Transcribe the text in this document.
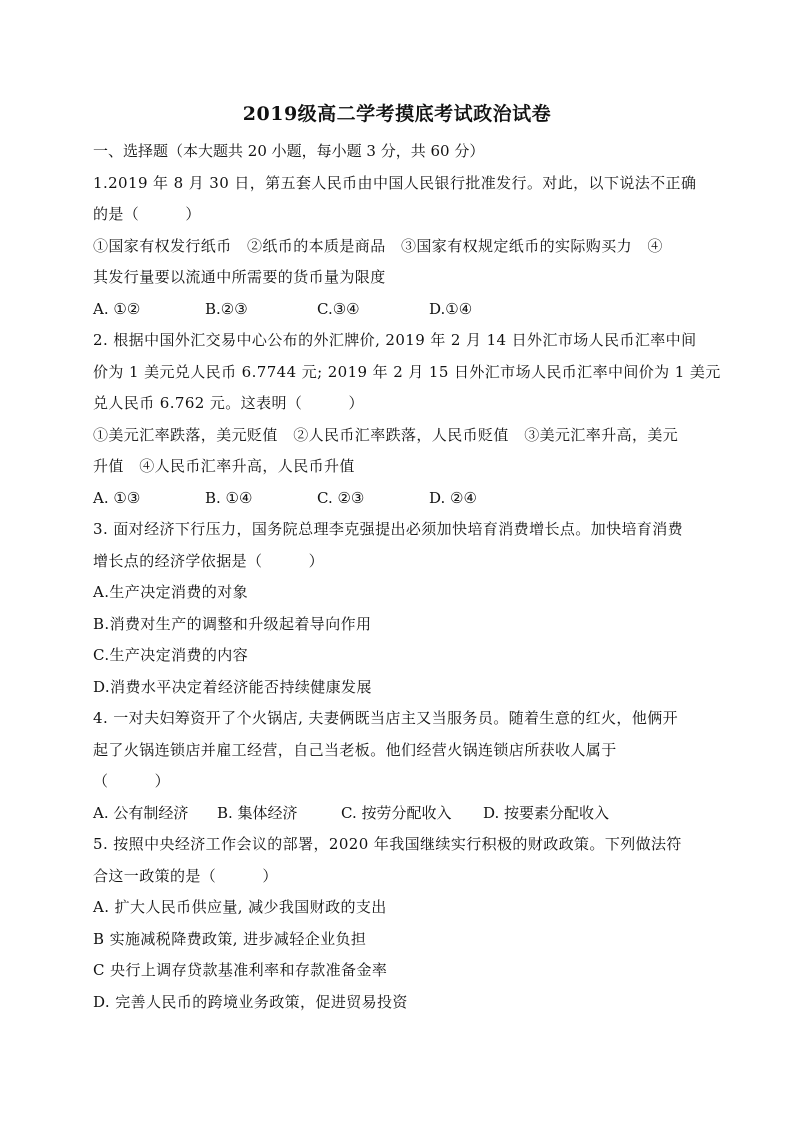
2019级高二学考摸底考试政治试卷
一、选择题（本大题共 20 小题，每小题 3 分，共 60 分）
1.2019 年 8 月 30 日，第五套人民币由中国人民银行批准发行。对此，以下说法不正确
的是（　　　）
①国家有权发行纸币　②纸币的本质是商品　③国家有权规定纸币的实际购买力　④
其发行量要以流通中所需要的货币量为限度
A. ①②	B.②③	C.③④	D.①④
2. 根据中国外汇交易中心公布的外汇牌价, 2019 年 2 月 14 日外汇市场人民币汇率中间
价为 1 美元兑人民币 6.7744 元; 2019 年 2 月 15 日外汇市场人民币汇率中间价为 1 美元
兑人民币 6.762 元。这表明（　　　）
①美元汇率跌落，美元贬值　②人民币汇率跌落，人民币贬值　③美元汇率升高，美元
升值　④人民币汇率升高，人民币升值
A. ①③	B. ①④	C. ②③	D. ②④
3. 面对经济下行压力，国务院总理李克强提出必须加快培育消费增长点。加快培育消费
增长点的经济学依据是（　　　）
A.生产决定消费的对象
B.消费对生产的调整和升级起着导向作用
C.生产决定消费的内容
D.消费水平决定着经济能否持续健康发展
4. 一对夫妇筹资开了个火锅店, 夫妻俩既当店主又当服务员。随着生意的红火，他俩开
起了火锅连锁店并雇工经营，自己当老板。他们经营火锅连锁店所获收人属于
（　　　）
A. 公有制经济	B. 集体经济	C. 按劳分配收入	D. 按要素分配收入
5. 按照中央经济工作会议的部署，2020 年我国继续实行积极的财政政策。下列做法符
合这一政策的是（　　　）
A. 扩大人民币供应量, 减少我国财政的支出
B 实施减税降费政策, 进步减轻企业负担
C 央行上调存贷款基准利率和存款准备金率
D. 完善人民币的跨境业务政策，促进贸易投资
